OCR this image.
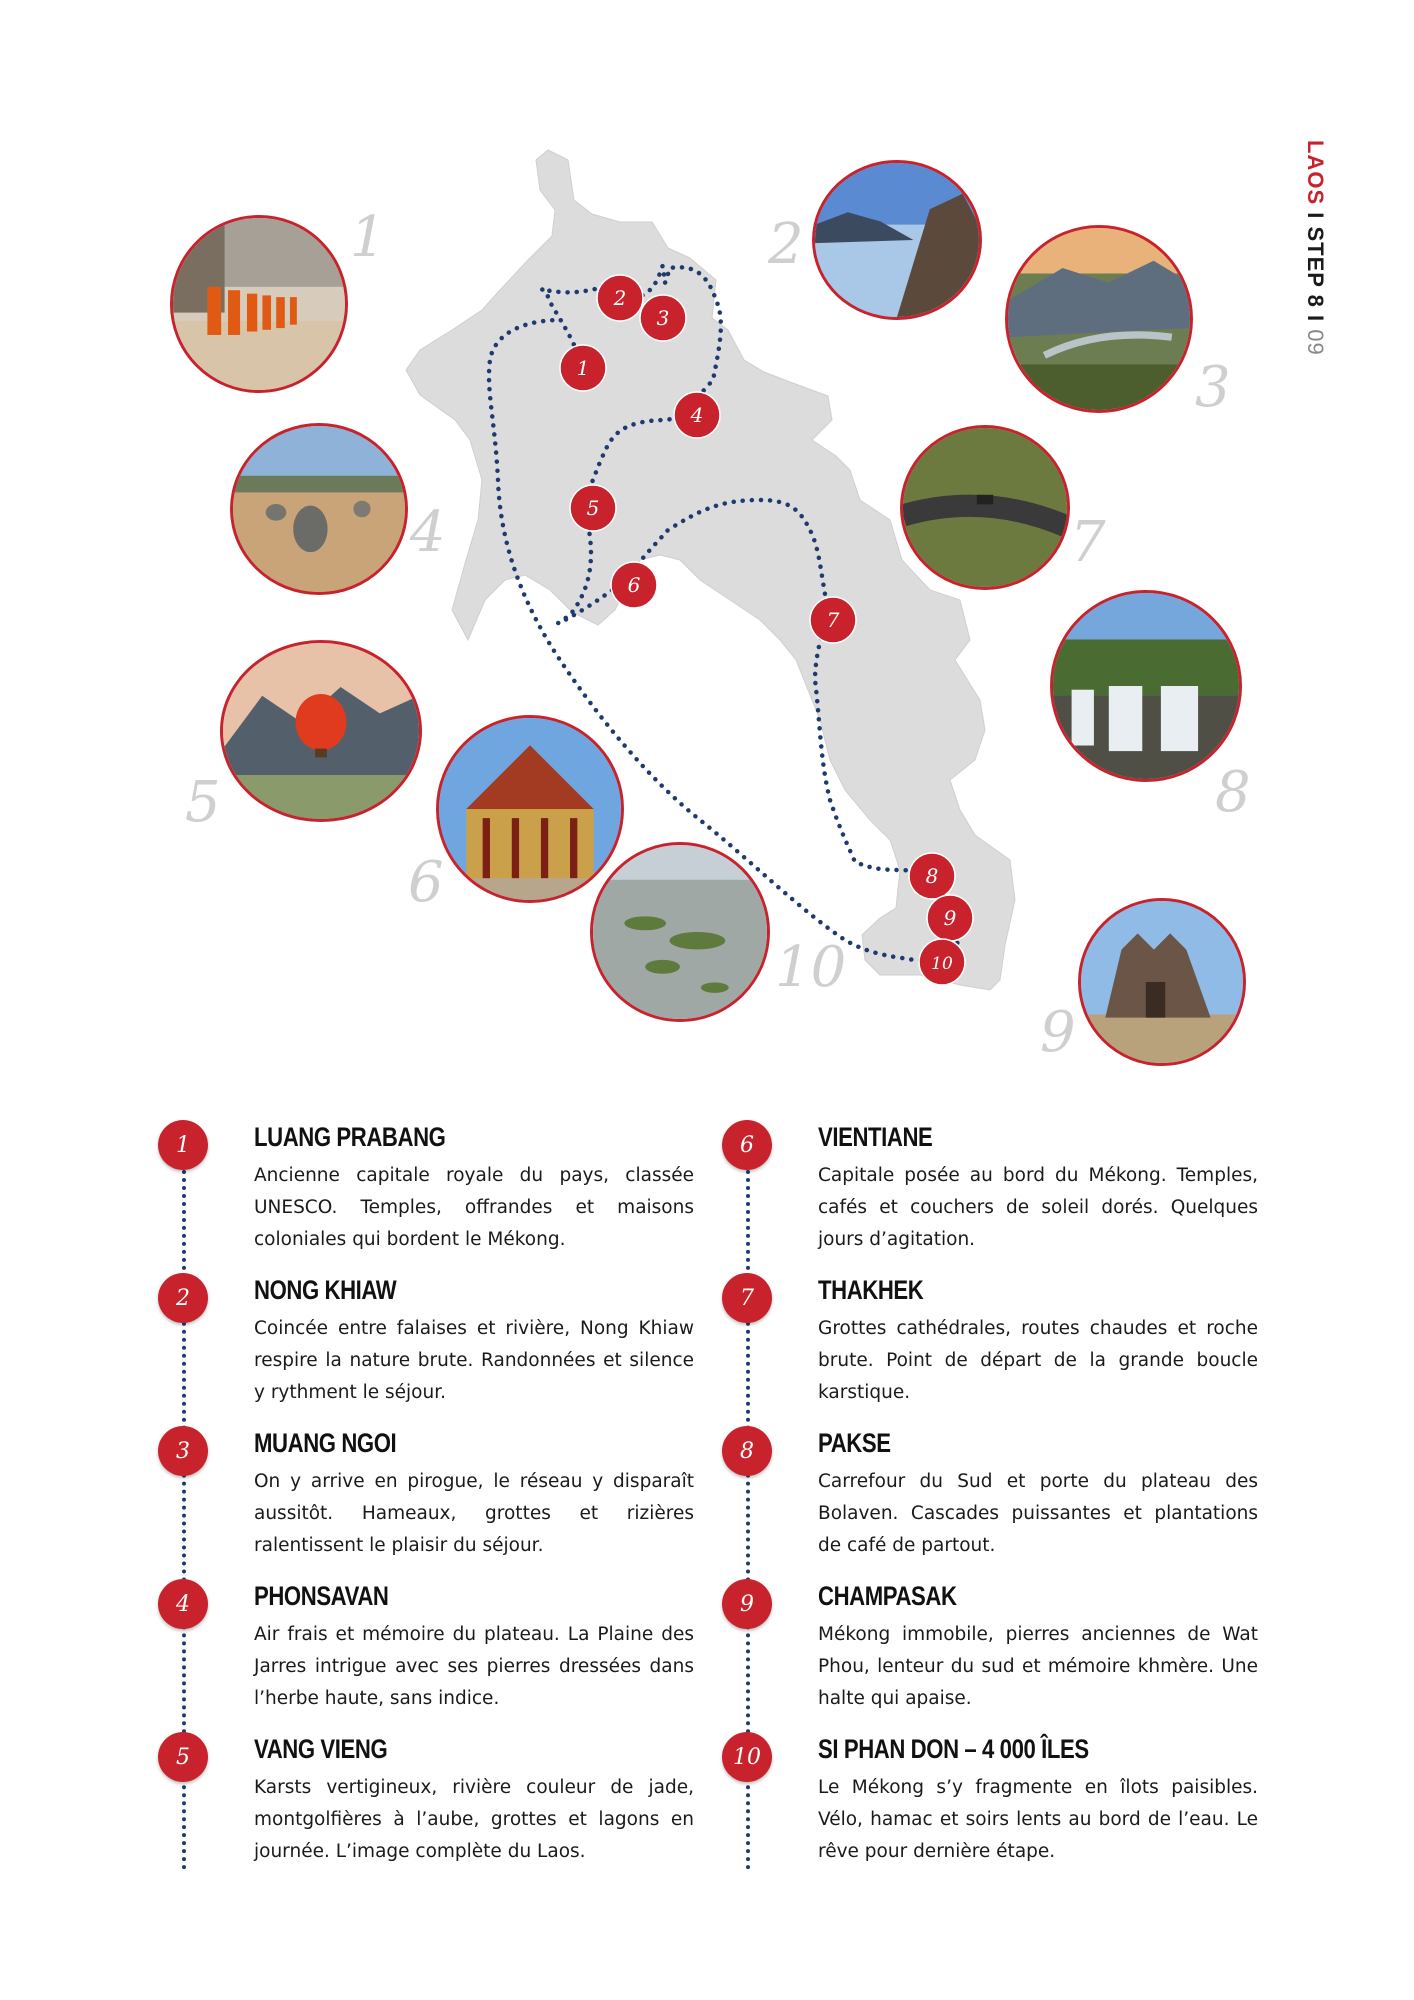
LAOS I STEP 8 I 09
1
2
3
4
5
6
7
8
9
10
1	2
3
4
5
6
7
8
9
10
1	LUANG PRABANG
Ancienne capitale royale du pays, classée UNESCO. Temples, offrandes et maisons coloniales qui bordent le Mékong.
2	NONG KHIAW
Coincée entre falaises et rivière, Nong Khiaw respire la nature brute. Randonnées et silence y rythment le séjour.
3	MUANG NGOI
On y arrive en pirogue, le réseau y disparaît aussitôt. Hameaux, grottes et rizières ralentissent le plaisir du séjour.
4	PHONSAVAN
Air frais et mémoire du plateau. La Plaine des Jarres intrigue avec ses pierres dressées dans l’herbe haute, sans indice.
5	VANG VIENG
Karsts vertigineux, rivière couleur de jade, montgolfières à l’aube, grottes et lagons en journée. L’image complète du Laos.
6	VIENTIANE
Capitale posée au bord du Mékong. Temples, cafés et couchers de soleil dorés. Quelques jours d’agitation.
7	THAKHEK
Grottes cathédrales, routes chaudes et roche brute. Point de départ de la grande boucle karstique.
8	PAKSE
Carrefour du Sud et porte du plateau des Bolaven. Cascades puissantes et plantations de café de partout.
9	CHAMPASAK
Mékong immobile, pierres anciennes de Wat Phou, lenteur du sud et mémoire khmère. Une halte qui apaise.
10	SI PHAN DON – 4 000 ÎLES
Le Mékong s’y fragmente en îlots paisibles. Vélo, hamac et soirs lents au bord de l’eau. Le rêve pour dernière étape.
